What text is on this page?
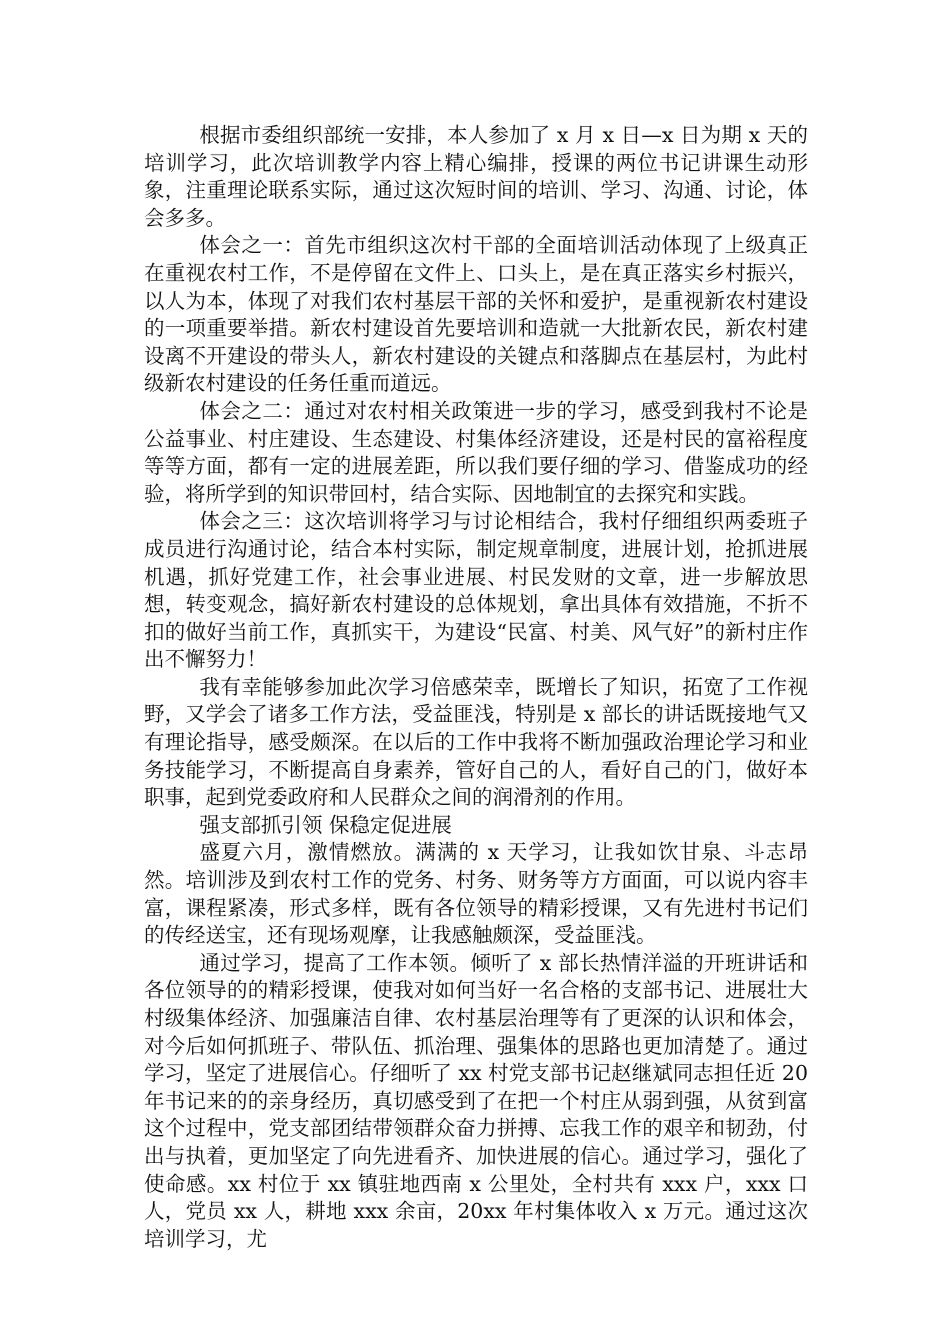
根据市委组织部统一安排，本人参加了 x 月 x 日—x 日为期 x 天的培训学习，此次培训教学内容上精心编排，授课的两位书记讲课生动形象，注重理论联系实际，通过这次短时间的培训、学习、沟通、讨论，体会多多。

体会之一：首先市组织这次村干部的全面培训活动体现了上级真正在重视农村工作，不是停留在文件上、口头上，是在真正落实乡村振兴，以人为本，体现了对我们农村基层干部的关怀和爱护，是重视新农村建设的一项重要举措。新农村建设首先要培训和造就一大批新农民，新农村建设离不开建设的带头人，新农村建设的关键点和落脚点在基层村，为此村级新农村建设的任务任重而道远。

体会之二：通过对农村相关政策进一步的学习，感受到我村不论是公益事业、村庄建设、生态建设、村集体经济建设，还是村民的富裕程度等等方面，都有一定的进展差距，所以我们要仔细的学习、借鉴成功的经验，将所学到的知识带回村，结合实际、因地制宜的去探究和实践。

体会之三：这次培训将学习与讨论相结合，我村仔细组织两委班子成员进行沟通讨论，结合本村实际，制定规章制度，进展计划，抢抓进展机遇，抓好党建工作，社会事业进展、村民发财的文章，进一步解放思想，转变观念，搞好新农村建设的总体规划，拿出具体有效措施，不折不扣的做好当前工作，真抓实干，为建设“民富、村美、风气好”的新村庄作出不懈努力！

我有幸能够参加此次学习倍感荣幸，既增长了知识，拓宽了工作视野，又学会了诸多工作方法，受益匪浅，特别是 x 部长的讲话既接地气又有理论指导，感受颇深。在以后的工作中我将不断加强政治理论学习和业务技能学习，不断提高自身素养，管好自己的人，看好自己的门，做好本职事，起到党委政府和人民群众之间的润滑剂的作用。

强支部抓引领 保稳定促进展

盛夏六月，激情燃放。满满的 x 天学习，让我如饮甘泉、斗志昂然。培训涉及到农村工作的党务、村务、财务等方方面面，可以说内容丰富，课程紧凑，形式多样，既有各位领导的精彩授课，又有先进村书记们的传经送宝，还有现场观摩，让我感触颇深，受益匪浅。

通过学习，提高了工作本领。倾听了 x 部长热情洋溢的开班讲话和各位领导的的精彩授课，使我对如何当好一名合格的支部书记、进展壮大村级集体经济、加强廉洁自律、农村基层治理等有了更深的认识和体会，对今后如何抓班子、带队伍、抓治理、强集体的思路也更加清楚了。通过学习，坚定了进展信心。仔细听了 xx 村党支部书记赵继斌同志担任近 20 年书记来的的亲身经历，真切感受到了在把一个村庄从弱到强，从贫到富这个过程中，党支部团结带领群众奋力拼搏、忘我工作的艰辛和韧劲，付出与执着，更加坚定了向先进看齐、加快进展的信心。通过学习，强化了使命感。xx 村位于 xx 镇驻地西南 x 公里处，全村共有 xxx 户，xxx 口人，党员 xx 人，耕地 xxx 余亩，20xx 年村集体收入 x 万元。通过这次培训学习，尤
